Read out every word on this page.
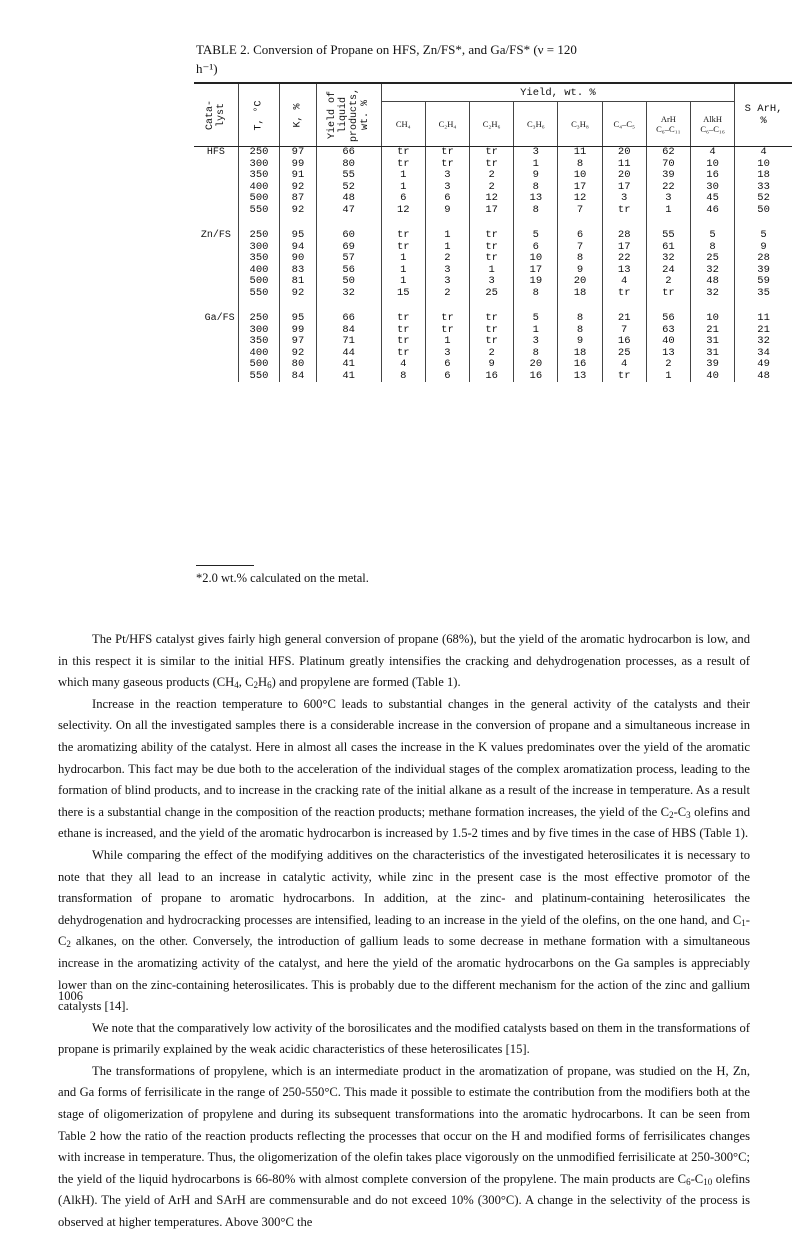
TABLE 2. Conversion of Propane on HFS, Zn/FS*, and Ga/FS* (ν = 120
h⁻¹)
Cata-
lyst	T, °C	K, %	Yield of
liquid
products,
wt. %	Yield, wt. %								S ArH,
%
				CH₄	C₂H₄	C₂H₆	C₃H₆	C₃H₈	C₄–C₅	ArH
C₆–C₁₁	AlkH
C₆–C₁₆	
HFS	250	97	66	tr	tr	tr	3	11	20	62	4	4
	300	99	80	tr	tr	tr	1	8	11	70	10	10
	350	91	55	1	3	2	9	10	20	39	16	18
	400	92	52	1	3	2	8	17	17	22	30	33
	500	87	48	6	6	12	13	12	3	3	45	52
	550	92	47	12	9	17	8	7	tr	1	46	50

Zn/FS	250	95	60	tr	1	tr	5	6	28	55	5	5
	300	94	69	tr	1	tr	6	7	17	61	8	9
	350	90	57	1	2	tr	10	8	22	32	25	28
	400	83	56	1	3	1	17	9	13	24	32	39
	500	81	50	1	3	3	19	20	4	2	48	59
	550	92	32	15	2	25	8	18	tr	tr	32	35

Ga/FS	250	95	66	tr	tr	tr	5	8	21	56	10	11
	300	99	84	tr	tr	tr	1	8	7	63	21	21
	350	97	71	tr	1	tr	3	9	16	40	31	32
	400	92	44	tr	3	2	8	18	25	13	31	34
	500	80	41	4	6	9	20	16	4	2	39	49
	550	84	41	8	6	16	16	13	tr	1	40	48
*2.0 wt.% calculated on the metal.

The Pt/HFS catalyst gives fairly high general conversion of propane (68%), but the yield of the aromatic hydrocarbon is low, and in this respect it is similar to the initial HFS. Platinum greatly intensifies the cracking and dehydrogenation processes, as a result of which many gaseous products ($CH_4$, $C_2H_6$) and propylene are formed (Table 1).

Increase in the reaction temperature to 600°C leads to substantial changes in the general activity of the catalysts and their selectivity. On all the investigated samples there is a considerable increase in the conversion of propane and a simultaneous increase in the aromatizing ability of the catalyst. Here in almost all cases the increase in the K values predominates over the yield of the aromatic hydrocarbon. This fact may be due both to the acceleration of the individual stages of the complex aromatization process, leading to the formation of blind products, and to increase in the cracking rate of the initial alkane as a result of the increase in temperature. As a result there is a substantial change in the composition of the reaction products; methane formation increases, the yield of the $C_2-C_3$ olefins and ethane is increased, and the yield of the aromatic hydrocarbon is increased by 1.5-2 times and by five times in the case of HBS (Table 1).

While comparing the effect of the modifying additives on the characteristics of the investigated heterosilicates it is necessary to note that they all lead to an increase in catalytic activity, while zinc in the present case is the most effective promotor of the transformation of propane to aromatic hydrocarbons. In addition, at the zinc- and platinum-containing heterosilicates the dehydrogenation and hydrocracking processes are intensified, leading to an increase in the yield of the olefins, on the one hand, and $C_1-C_2$ alkanes, on the other. Conversely, the introduction of gallium leads to some decrease in methane formation with a simultaneous increase in the aromatizing activity of the catalyst, and here the yield of the aromatic hydrocarbons on the Ga samples is appreciably lower than on the zinc-containing heterosilicates. This is probably due to the different mechanism for the action of the zinc and gallium catalysts [14].

We note that the comparatively low activity of the borosilicates and the modified catalysts based on them in the transformations of propane is primarily explained by the weak acidic characteristics of these heterosilicates [15].

The transformations of propylene, which is an intermediate product in the aromatization of propane, was studied on the H, Zn, and Ga forms of ferrisilicate in the range of 250-550°C. This made it possible to estimate the contribution from the modifiers both at the stage of oligomerization of propylene and during its subsequent transformations into the aromatic hydrocarbons. It can be seen from Table 2 how the ratio of the reaction products reflecting the processes that occur on the H and modified forms of ferrisilicates changes with increase in temperature. Thus, the oligomerization of the olefin takes place vigorously on the unmodified ferrisilicate at 250-300°C; the yield of the liquid hydrocarbons is 66-80% with almost complete conversion of the propylene. The main products are $C_6-C_{10}$ olefins (AlkH). The yield of ArH and SArH are commensurable and do not exceed 10% (300°C). A change in the selectivity of the process is observed at higher temperatures. Above 300°C the

1006
